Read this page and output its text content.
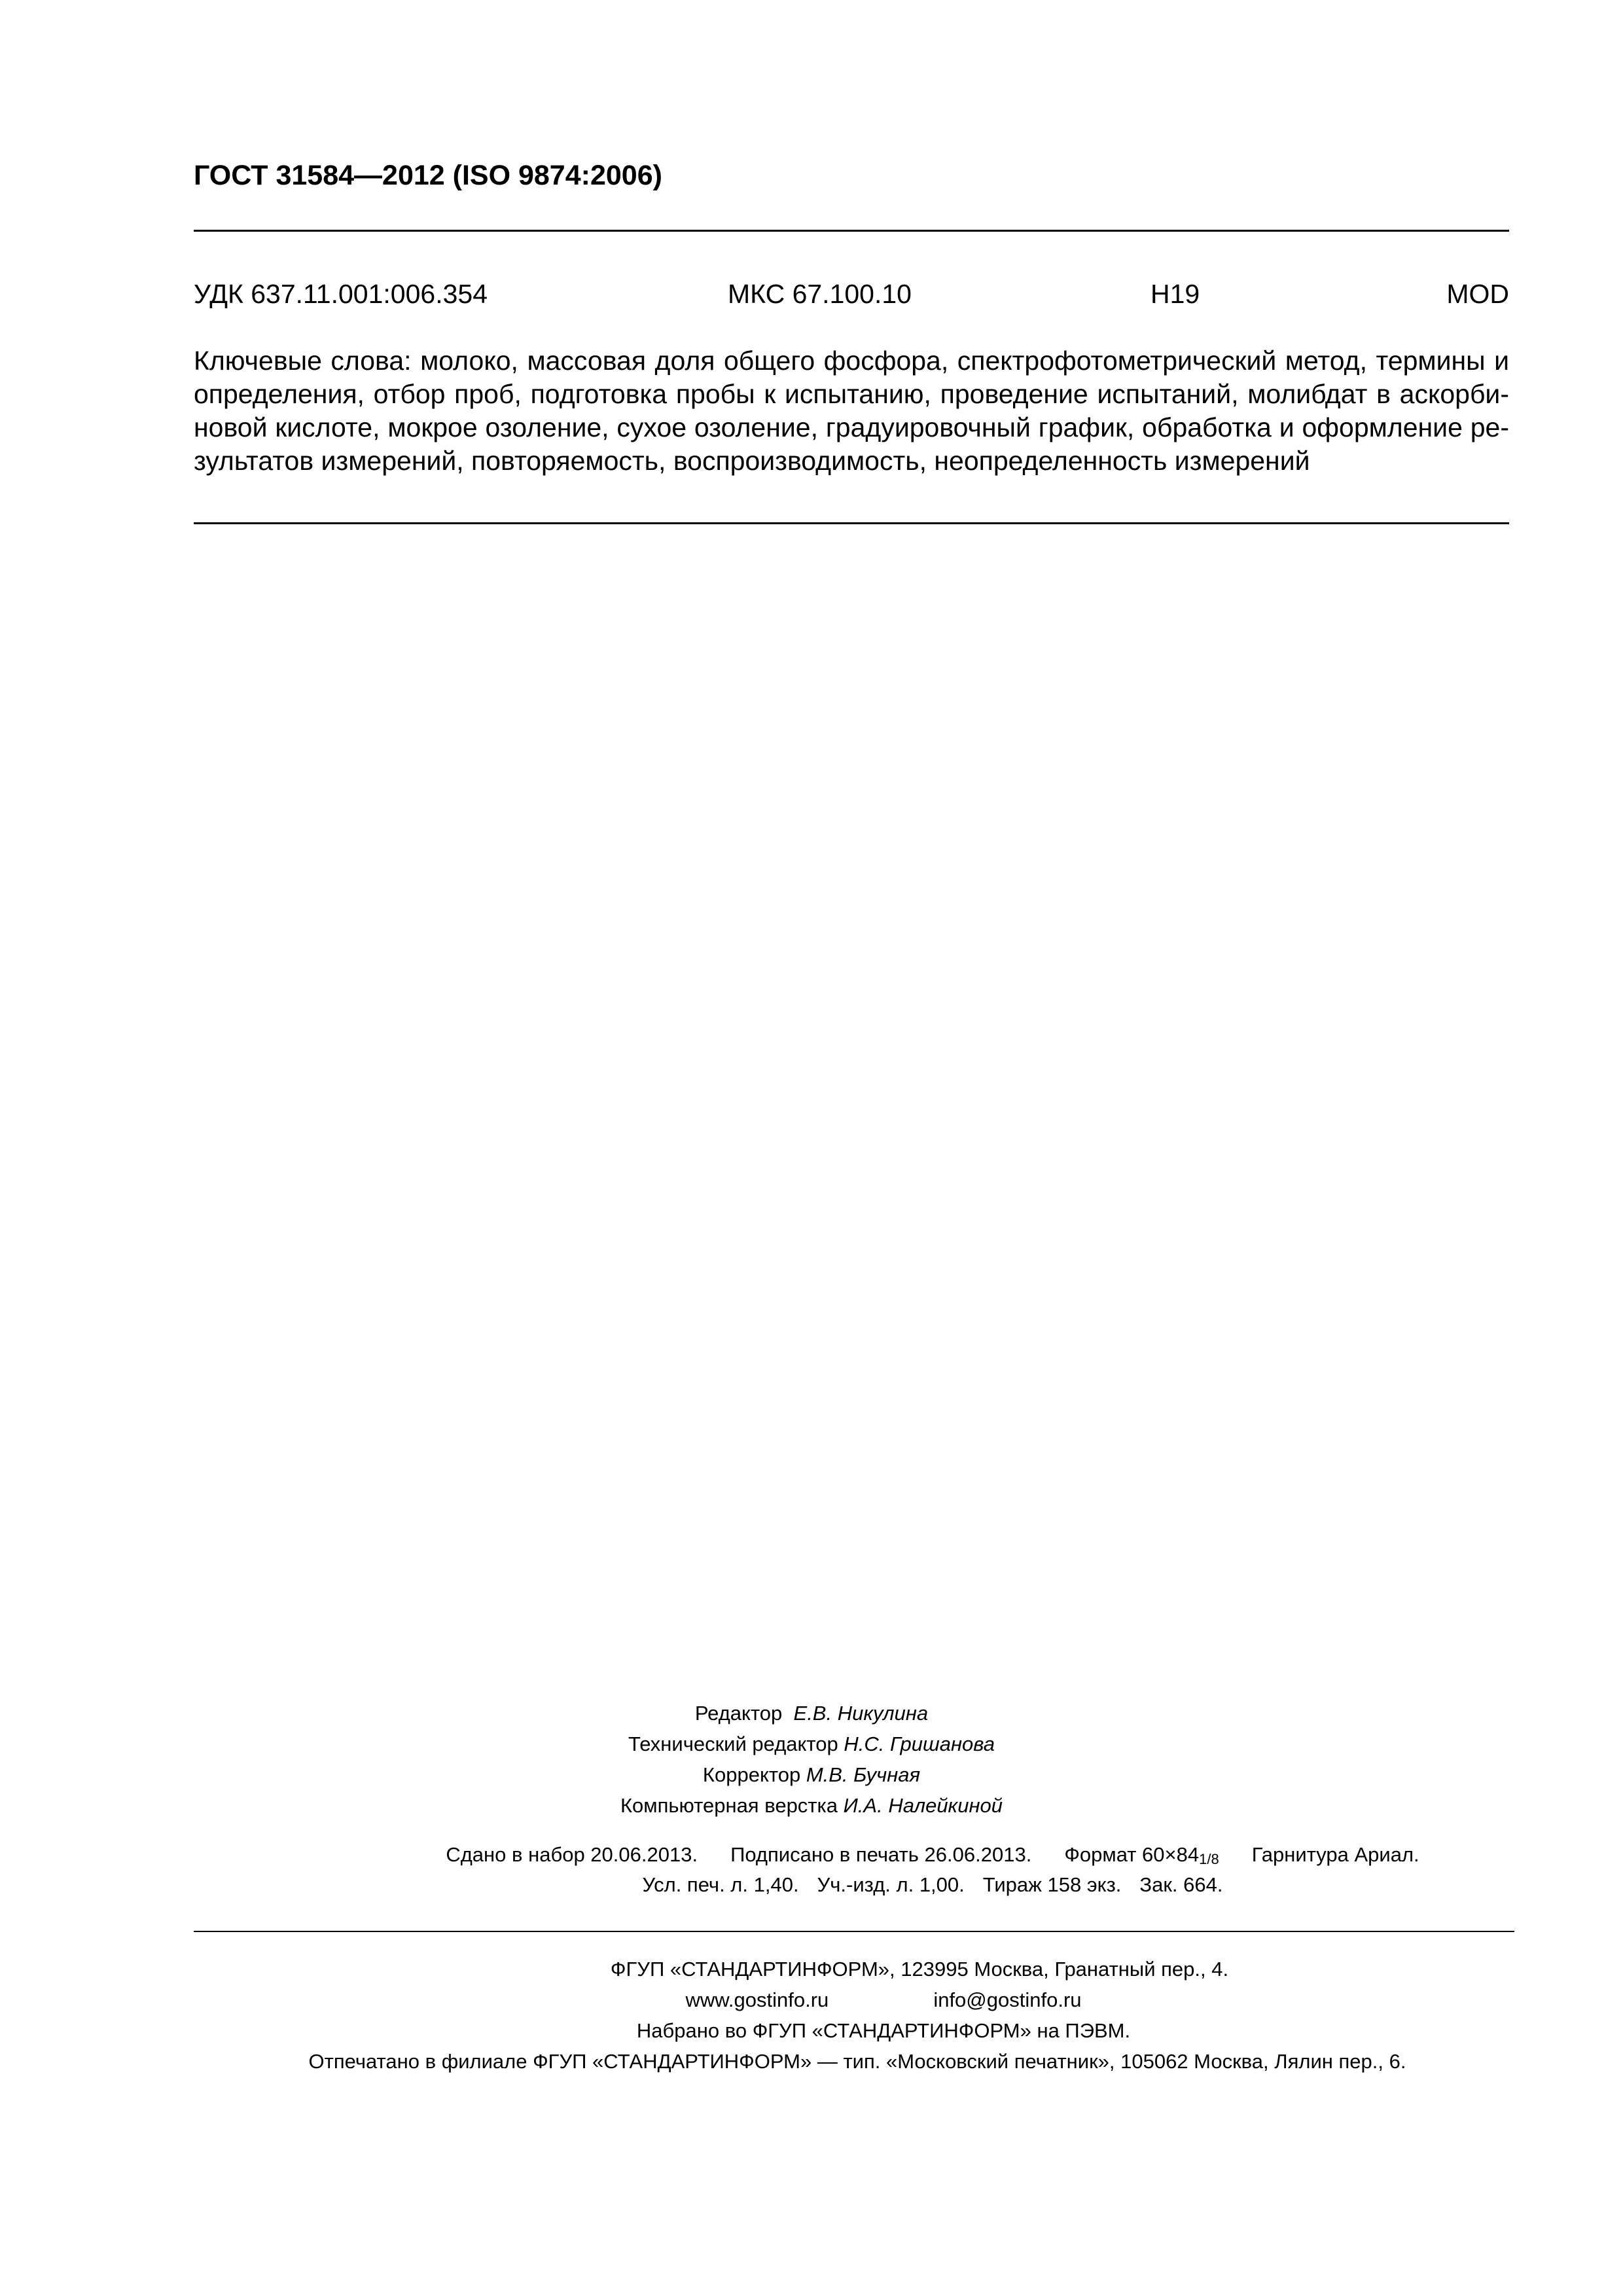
ГОСТ 31584—2012 (ISO 9874:2006)
УДК 637.11.001:006.354	МКС 67.100.10	Н19	MOD
Ключевые слова: молоко, массовая доля общего фосфора, спектрофотометрический метод, термины и
определения, отбор проб, подготовка пробы к испытанию, проведение испытаний, молибдат в аскорби-
новой кислоте, мокрое озоление, сухое озоление, градуировочный график, обработка и оформление ре-
зультатов измерений, повторяемость, воспроизводимость, неопределенность измерений
Редактор Е.В. Никулина
Технический редактор Н.С. Гришанова
Корректор М.В. Бучная
Компьютерная верстка И.А. Налейкиной
Сдано в набор 20.06.2013. Подписано в печать 26.06.2013. Формат 60×841/8 Гарнитура Ариал.
Усл. печ. л. 1,40. Уч.-изд. л. 1,00. Тираж 158 экз. Зак. 664.
ФГУП «СТАНДАРТИНФОРМ», 123995 Москва, Гранатный пер., 4.
www.gostinfo.ru	info@gostinfo.ru
Набрано во ФГУП «СТАНДАРТИНФОРМ» на ПЭВМ.
Отпечатано в филиале ФГУП «СТАНДАРТИНФОРМ» — тип. «Московский печатник», 105062 Москва, Лялин пер., 6.
